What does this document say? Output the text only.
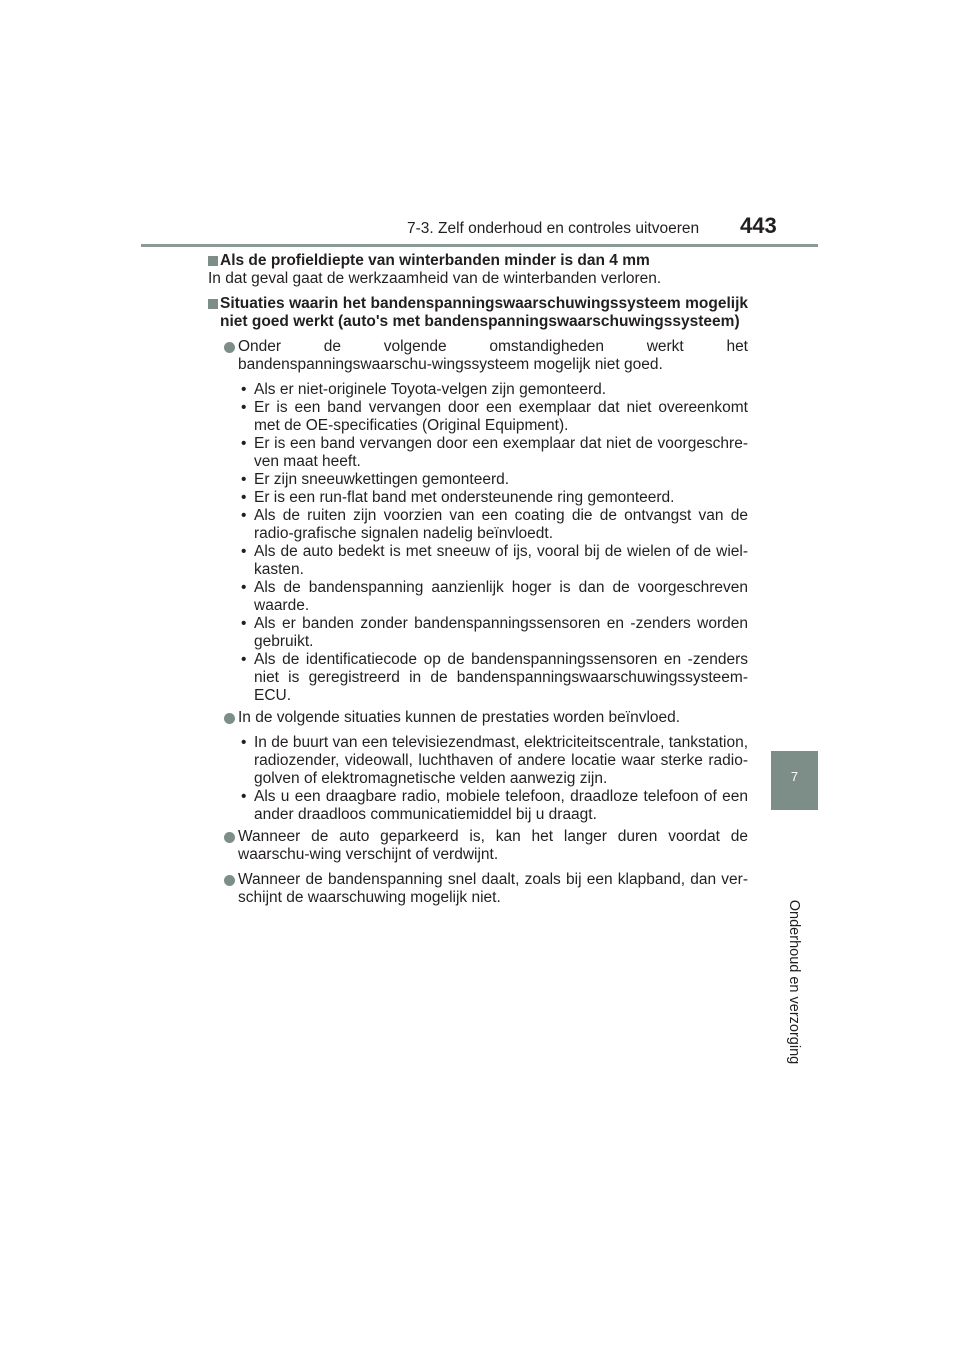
7-3. Zelf onderhoud en controles uitvoeren 443
7
Onderhoud en verzorging

Als de profieldiepte van winterbanden minder is dan 4 mm

In dat geval gaat de werkzaamheid van de winterbanden verloren.

Situaties waarin het bandenspanningswaarschuwingssysteem mogelijk niet goed werkt (auto's met bandenspanningswaarschuwingssysteem)

Onder de volgende omstandigheden werkt het bandenspanningswaarschu-wingssysteem mogelijk niet goed.
• Als er niet-originele Toyota-velgen zijn gemonteerd.
• Er is een band vervangen door een exemplaar dat niet overeenkomt met de OE-specificaties (Original Equipment).
• Er is een band vervangen door een exemplaar dat niet de voorgeschre-ven maat heeft.
• Er zijn sneeuwkettingen gemonteerd.
• Er is een run-flat band met ondersteunende ring gemonteerd.
• Als de ruiten zijn voorzien van een coating die de ontvangst van de radio-grafische signalen nadelig beïnvloedt.
• Als de auto bedekt is met sneeuw of ijs, vooral bij de wielen of de wiel-kasten.
• Als de bandenspanning aanzienlijk hoger is dan de voorgeschreven waarde.
• Als er banden zonder bandenspanningssensoren en -zenders worden gebruikt.
• Als de identificatiecode op de bandenspanningssensoren en -zenders niet is geregistreerd in de bandenspanningswaarschuwingssysteem-ECU.
In de volgende situaties kunnen de prestaties worden beïnvloed.
• In de buurt van een televisiezendmast, elektriciteitscentrale, tankstation, radiozender, videowall, luchthaven of andere locatie waar sterke radio-golven of elektromagnetische velden aanwezig zijn.
• Als u een draagbare radio, mobiele telefoon, draadloze telefoon of een ander draadloos communicatiemiddel bij u draagt.
Wanneer de auto geparkeerd is, kan het langer duren voordat de waarschu-wing verschijnt of verdwijnt.
Wanneer de bandenspanning snel daalt, zoals bij een klapband, dan ver-schijnt de waarschuwing mogelijk niet.
